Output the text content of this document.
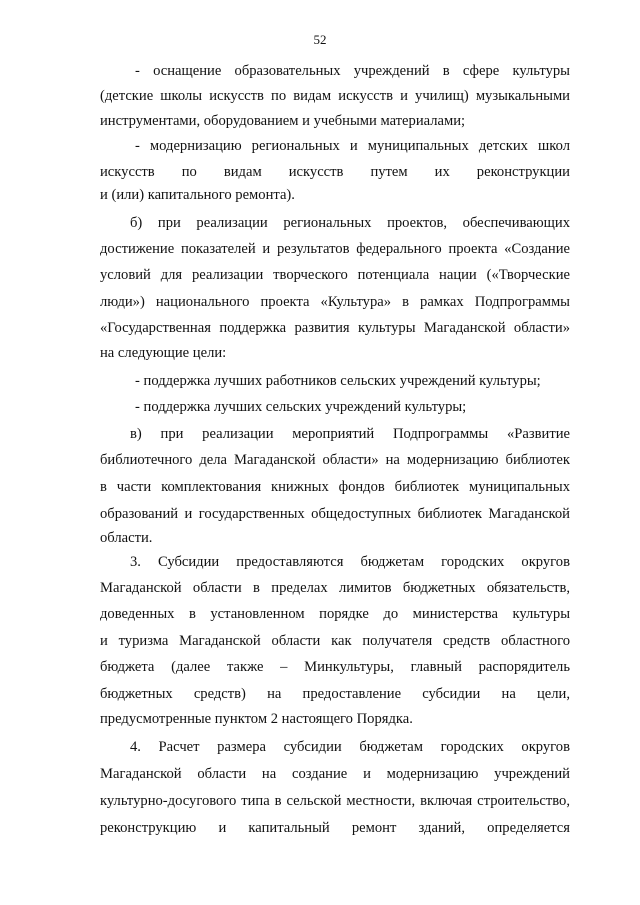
52
- оснащение образовательных учреждений в сфере культуры
(детские школы искусств по видам искусств и училищ) музыкальными
инструментами, оборудованием и учебными материалами;
- модернизацию региональных и муниципальных детских школ
искусств по видам искусств путем их реконструкции
и (или) капитального ремонта).
б) при реализации региональных проектов, обеспечивающих
достижение показателей и результатов федерального проекта «Создание
условий для реализации творческого потенциала нации («Творческие
люди») национального проекта «Культура» в рамках Подпрограммы
«Государственная поддержка развития культуры Магаданской области»
на следующие цели:
- поддержка лучших работников сельских учреждений культуры;
- поддержка лучших сельских учреждений культуры;
в) при реализации мероприятий Подпрограммы «Развитие
библиотечного дела Магаданской области» на модернизацию библиотек
в части комплектования книжных фондов библиотек муниципальных
образований и государственных общедоступных библиотек Магаданской
области.
3. Субсидии предоставляются бюджетам городских округов
Магаданской области в пределах лимитов бюджетных обязательств,
доведенных в установленном порядке до министерства культуры
и туризма Магаданской области как получателя средств областного
бюджета (далее также – Минкультуры, главный распорядитель
бюджетных средств) на предоставление субсидии на цели,
предусмотренные пунктом 2 настоящего Порядка.
4. Расчет размера субсидии бюджетам городских округов
Магаданской области на создание и модернизацию учреждений
культурно-досугового типа в сельской местности, включая строительство,
реконструкцию и капитальный ремонт зданий, определяется
